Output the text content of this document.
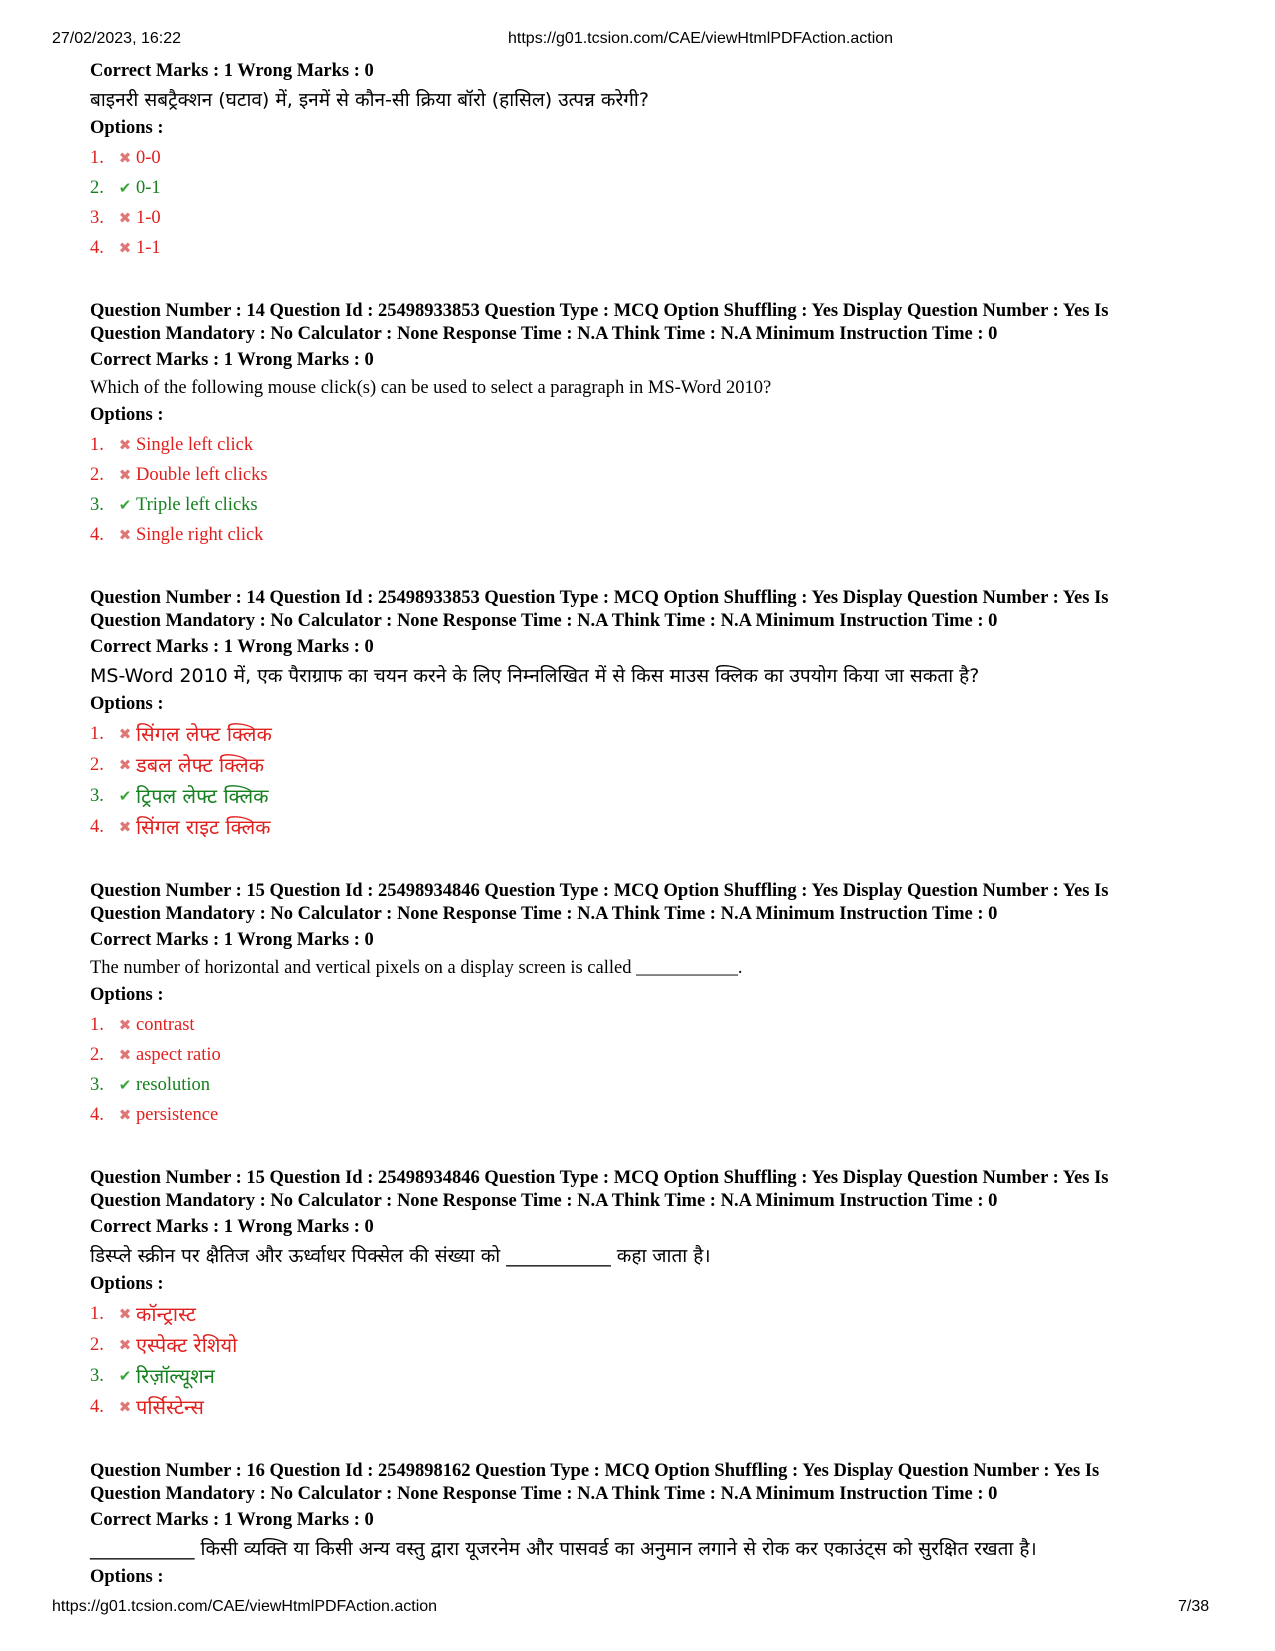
27/02/2023, 16:22	https://g01.tcsion.com/CAE/viewHtmlPDFAction.action

Correct Marks : 1 Wrong Marks : 0

बाइनरी सबट्रैक्शन (घटाव) में, इनमें से कौन-सी क्रिया बॉरो (हासिल) उत्पन्न करेगी?

Options :

1. ✖ 0-0
2. ✔ 0-1
3. ✖ 1-0
4. ✖ 1-1

Question Number : 14 Question Id : 25498933853 Question Type : MCQ Option Shuffling : Yes Display Question Number : Yes Is

Question Mandatory : No Calculator : None Response Time : N.A Think Time : N.A Minimum Instruction Time : 0

Correct Marks : 1 Wrong Marks : 0

Which of the following mouse click(s) can be used to select a paragraph in MS-Word 2010?

Options :

1. ✖ Single left click
2. ✖ Double left clicks
3. ✔ Triple left clicks
4. ✖ Single right click

Question Number : 14 Question Id : 25498933853 Question Type : MCQ Option Shuffling : Yes Display Question Number : Yes Is

Question Mandatory : No Calculator : None Response Time : N.A Think Time : N.A Minimum Instruction Time : 0

Correct Marks : 1 Wrong Marks : 0

MS-Word 2010 में, एक पैराग्राफ का चयन करने के लिए निम्नलिखित में से किस माउस क्लिक का उपयोग किया जा सकता है?

Options :

1. ✖ सिंगल लेफ्ट क्लिक
2. ✖ डबल लेफ्ट क्लिक
3. ✔ ट्रिपल लेफ्ट क्लिक
4. ✖ सिंगल राइट क्लिक

Question Number : 15 Question Id : 25498934846 Question Type : MCQ Option Shuffling : Yes Display Question Number : Yes Is

Question Mandatory : No Calculator : None Response Time : N.A Think Time : N.A Minimum Instruction Time : 0

Correct Marks : 1 Wrong Marks : 0

The number of horizontal and vertical pixels on a display screen is called ___________.

Options :

1. ✖ contrast
2. ✖ aspect ratio
3. ✔ resolution
4. ✖ persistence

Question Number : 15 Question Id : 25498934846 Question Type : MCQ Option Shuffling : Yes Display Question Number : Yes Is

Question Mandatory : No Calculator : None Response Time : N.A Think Time : N.A Minimum Instruction Time : 0

Correct Marks : 1 Wrong Marks : 0

डिस्प्ले स्क्रीन पर क्षैतिज और ऊर्ध्वाधर पिक्सेल की संख्या को ___________ कहा जाता है।

Options :

1. ✖ कॉन्ट्रास्ट
2. ✖ एस्पेक्ट रेशियो
3. ✔ रिज़ॉल्यूशन
4. ✖ पर्सिस्टेन्स

Question Number : 16 Question Id : 2549898162 Question Type : MCQ Option Shuffling : Yes Display Question Number : Yes Is

Question Mandatory : No Calculator : None Response Time : N.A Think Time : N.A Minimum Instruction Time : 0

Correct Marks : 1 Wrong Marks : 0

___________ किसी व्यक्ति या किसी अन्य वस्तु द्वारा यूजरनेम और पासवर्ड का अनुमान लगाने से रोक कर एकाउंट्स को सुरक्षित रखता है।

Options :

https://g01.tcsion.com/CAE/viewHtmlPDFAction.action	7/38
